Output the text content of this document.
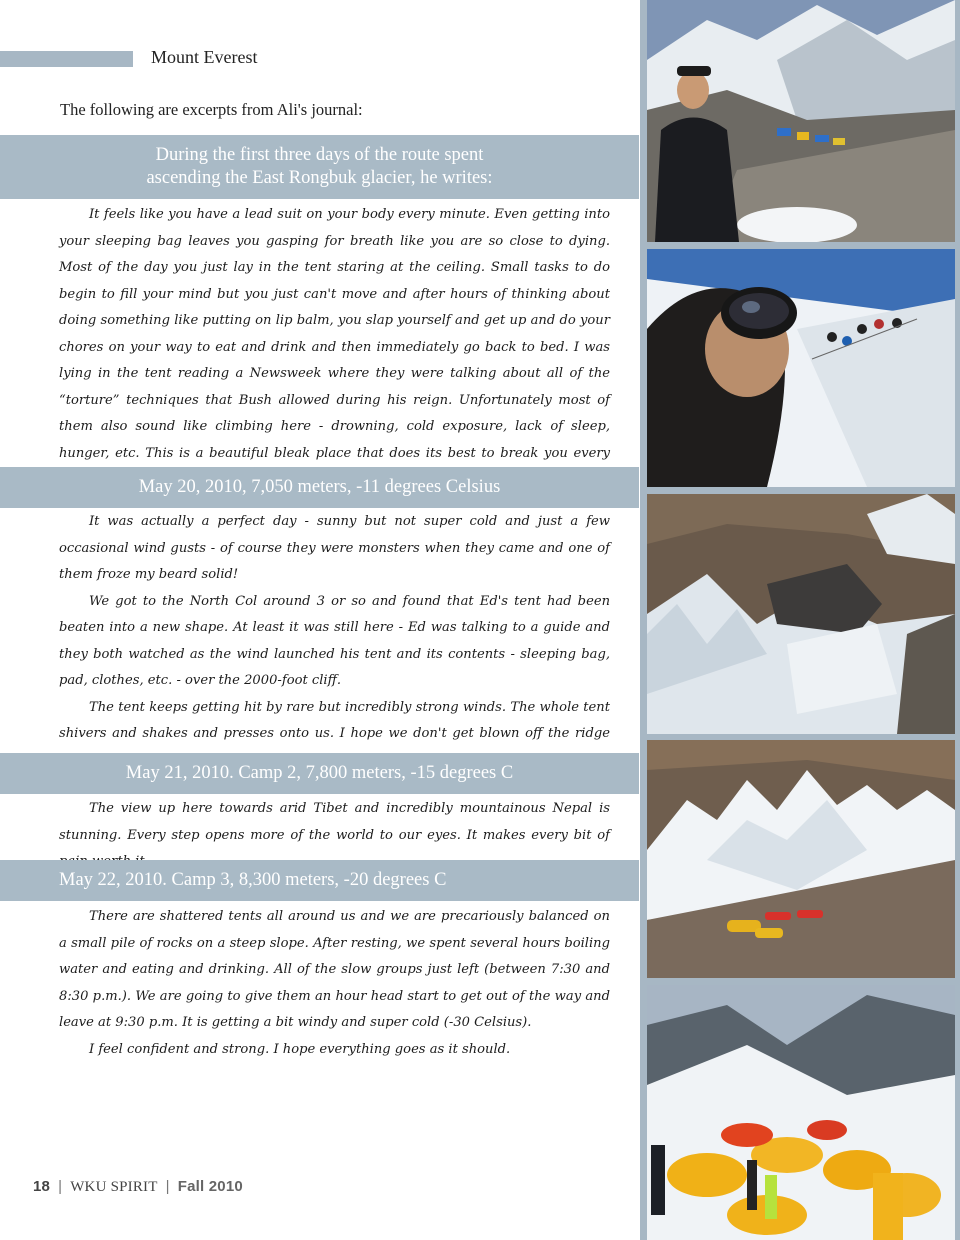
Mount Everest
The following are excerpts from Ali's journal:
During the first three days of the route spent
ascending the East Rongbuk glacier, he writes:

It feels like you have a lead suit on your body every minute. Even getting into your sleeping bag leaves you gasping for breath like you are so close to dying. Most of the day you just lay in the tent staring at the ceiling. Small tasks to do begin to fill your mind but you just can't move and after hours of thinking about doing something like putting on lip balm, you slap yourself and get up and do your chores on your way to eat and drink and then immediately go back to bed. I was lying in the tent reading a Newsweek where they were talking about all of the “torture” techniques that Bush allowed during his reign. Unfortunately most of them also sound like climbing here - drowning, cold exposure, lack of sleep, hunger, etc. This is a beautiful bleak place that does its best to break you every

May 20, 2010, 7,050 meters, -11 degrees Celsius

It was actually a perfect day - sunny but not super cold and just a few occasional wind gusts - of course they were monsters when they came and one of them froze my beard solid!

We got to the North Col around 3 or so and found that Ed's tent had been beaten into a new shape. At least it was still here - Ed was talking to a guide and they both watched as the wind launched his tent and its contents - sleeping bag, pad, clothes, etc. - over the 2000-foot cliff.

The tent keeps getting hit by rare but incredibly strong winds. The whole tent shivers and shakes and presses onto us. I hope we don't get blown off the ridge

May 21, 2010. Camp 2, 7,800 meters, -15 degrees C

The view up here towards arid Tibet and incredibly mountainous Nepal is stunning. Every step opens more of the world to our eyes. It makes every bit of

May 22, 2010. Camp 3, 8,300 meters, -20 degrees C

There are shattered tents all around us and we are precariously balanced on a small pile of rocks on a steep slope. After resting, we spent several hours boiling water and eating and drinking. All of the slow groups just left (between 7:30 and 8:30 p.m.). We are going to give them an hour head start to get out of the way and leave at 9:30 p.m. It is getting a bit windy and super cold (-30 Celsius).

I feel confident and strong. I hope everything goes as it should.

18 | WKU SPIRIT | Fall 2010
